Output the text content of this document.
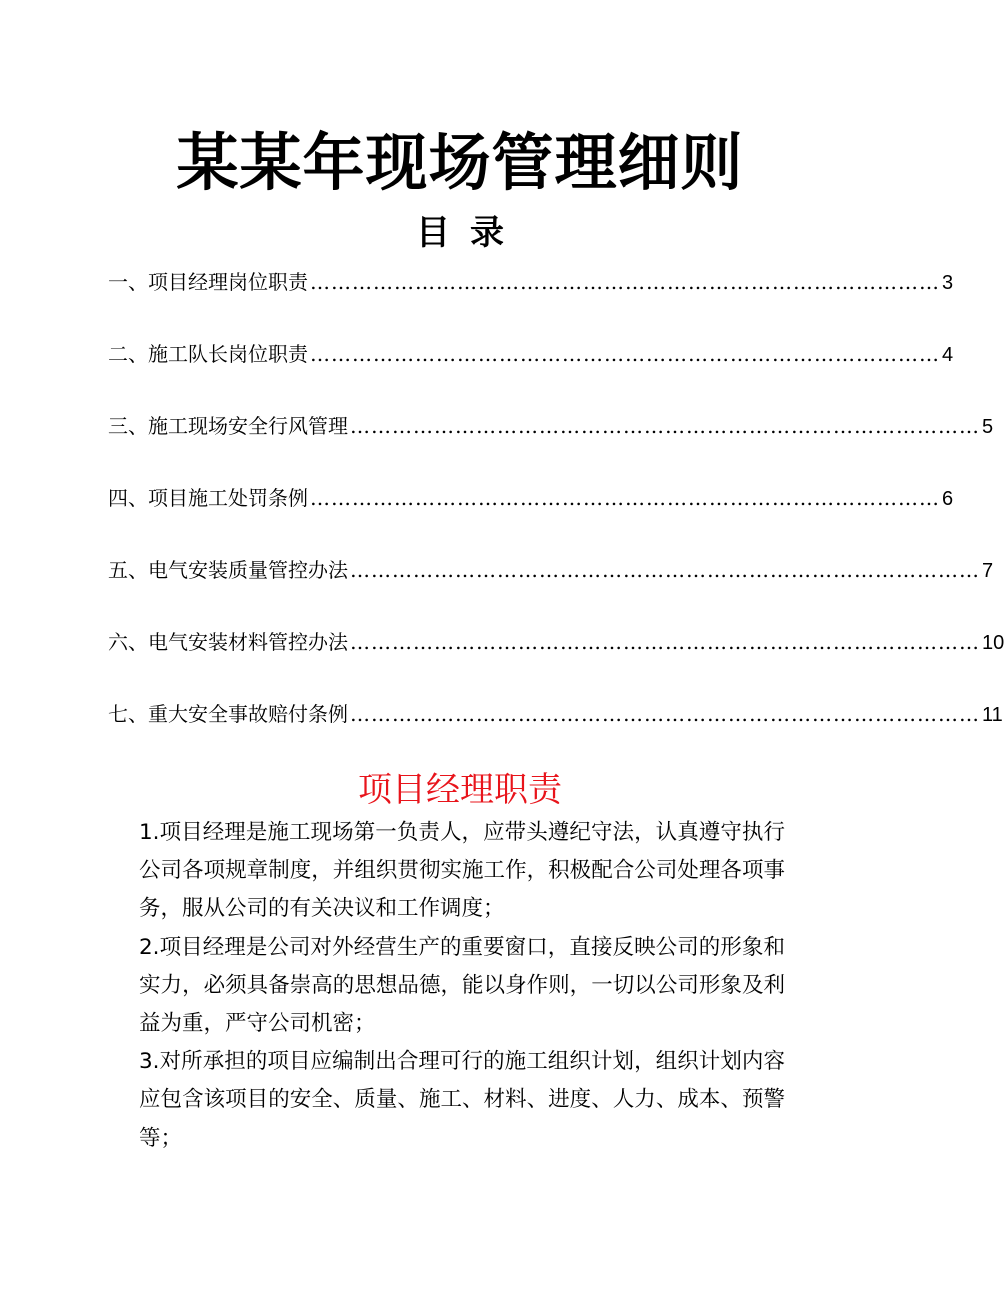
某某年现场管理细则
目 录
一、 项目经理岗位职责 ……………………………………………………………………………… 3
二、 施工队长岗位职责 ……………………………………………………………………………… 4
三、 施工现场安全行风管理 ……………………………………………………………………………… 5
四、 项目施工处罚条例 ……………………………………………………………………………… 6
五、 电气安装质量管控办法 ……………………………………………………………………………… 7
六、 电气安装材料管控办法 ……………………………………………………………………………… 10
七、 重大安全事故赔付条例 ……………………………………………………………………………… 11
项目经理职责

1.项目经理是施工现场第一负责人，应带头遵纪守法，认真遵守执行公司各项规章制度，并组织贯彻实施工作，积极配合公司处理各项事务，服从公司的有关决议和工作调度；

2.项目经理是公司对外经营生产的重要窗口，直接反映公司的形象和实力，必须具备崇高的思想品德，能以身作则，一切以公司形象及利益为重，严守公司机密；

3.对所承担的项目应编制出合理可行的施工组织计划，组织计划内容应包含该项目的安全、质量、施工、材料、进度、人力、成本、预警等；
